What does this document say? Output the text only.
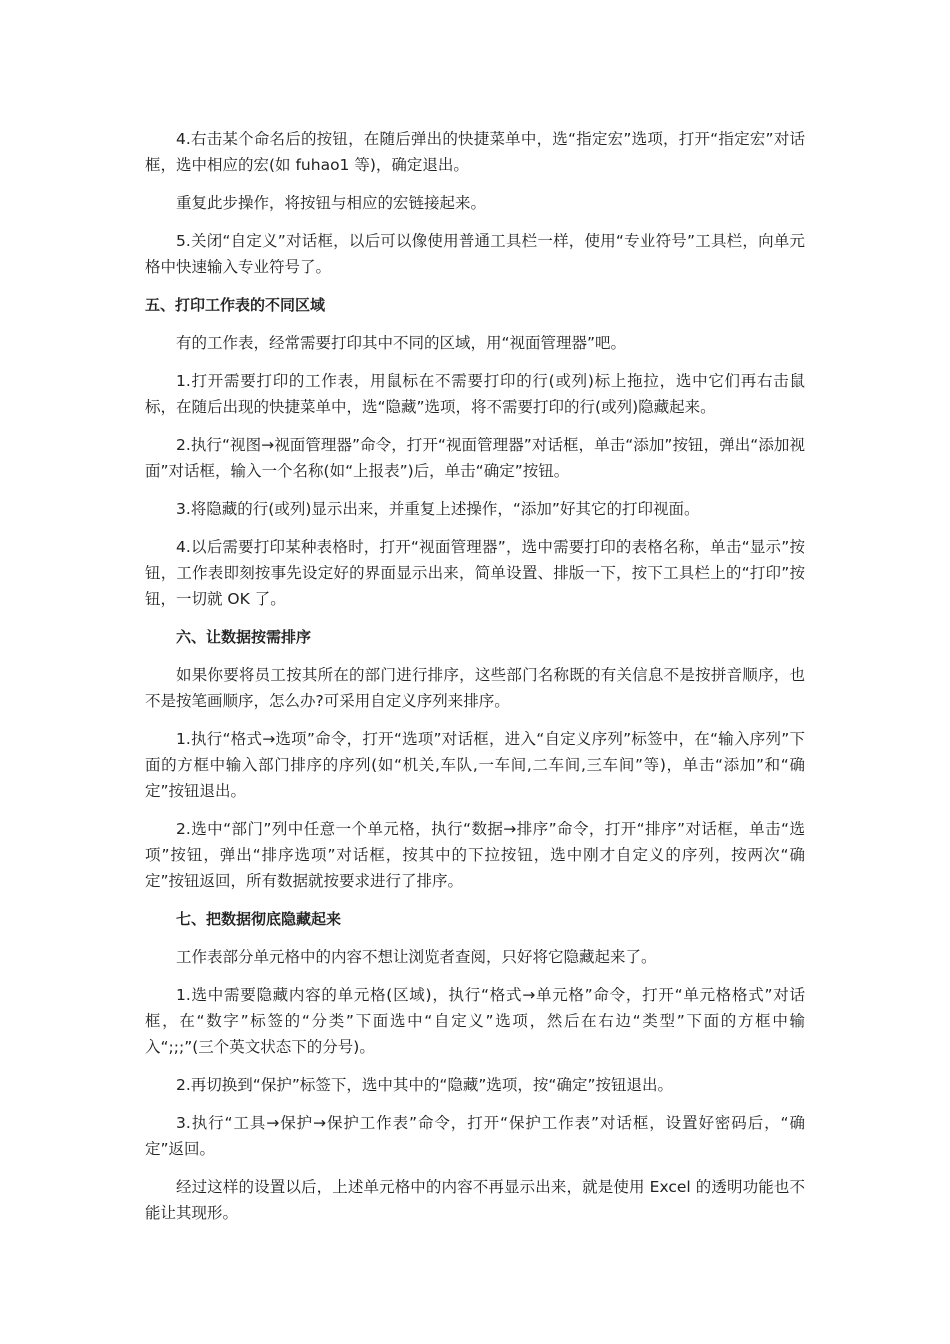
4.右击某个命名后的按钮，在随后弹出的快捷菜单中，选“指定宏”选项，打开“指定宏”对话框，选中相应的宏(如 fuhao1 等)，确定退出。

重复此步操作，将按钮与相应的宏链接起来。

5.关闭“自定义”对话框，以后可以像使用普通工具栏一样，使用“专业符号”工具栏，向单元格中快速输入专业符号了。

五、打印工作表的不同区域

有的工作表，经常需要打印其中不同的区域，用“视面管理器”吧。

1.打开需要打印的工作表，用鼠标在不需要打印的行(或列)标上拖拉，选中它们再右击鼠标，在随后出现的快捷菜单中，选“隐藏”选项，将不需要打印的行(或列)隐藏起来。

2.执行“视图→视面管理器”命令，打开“视面管理器”对话框，单击“添加”按钮，弹出“添加视面”对话框，输入一个名称(如“上报表”)后，单击“确定”按钮。

3.将隐藏的行(或列)显示出来，并重复上述操作，“添加”好其它的打印视面。

4.以后需要打印某种表格时，打开“视面管理器”，选中需要打印的表格名称，单击“显示”按钮，工作表即刻按事先设定好的界面显示出来，简单设置、排版一下，按下工具栏上的“打印”按钮，一切就 OK 了。

六、让数据按需排序

如果你要将员工按其所在的部门进行排序，这些部门名称既的有关信息不是按拼音顺序，也不是按笔画顺序，怎么办?可采用自定义序列来排序。

1.执行“格式→选项”命令，打开“选项”对话框，进入“自定义序列”标签中，在“输入序列”下面的方框中输入部门排序的序列(如“机关,车队,一车间,二车间,三车间”等)，单击“添加”和“确定”按钮退出。

2.选中“部门”列中任意一个单元格，执行“数据→排序”命令，打开“排序”对话框，单击“选项”按钮，弹出“排序选项”对话框，按其中的下拉按钮，选中刚才自定义的序列，按两次“确定”按钮返回，所有数据就按要求进行了排序。

七、把数据彻底隐藏起来

工作表部分单元格中的内容不想让浏览者查阅，只好将它隐藏起来了。

1.选中需要隐藏内容的单元格(区域)，执行“格式→单元格”命令，打开“单元格格式”对话框，在“数字”标签的“分类”下面选中“自定义”选项，然后在右边“类型”下面的方框中输入“;;;”(三个英文状态下的分号)。

2.再切换到“保护”标签下，选中其中的“隐藏”选项，按“确定”按钮退出。

3.执行“工具→保护→保护工作表”命令，打开“保护工作表”对话框，设置好密码后，“确定”返回。

经过这样的设置以后，上述单元格中的内容不再显示出来，就是使用 Excel 的透明功能也不能让其现形。
